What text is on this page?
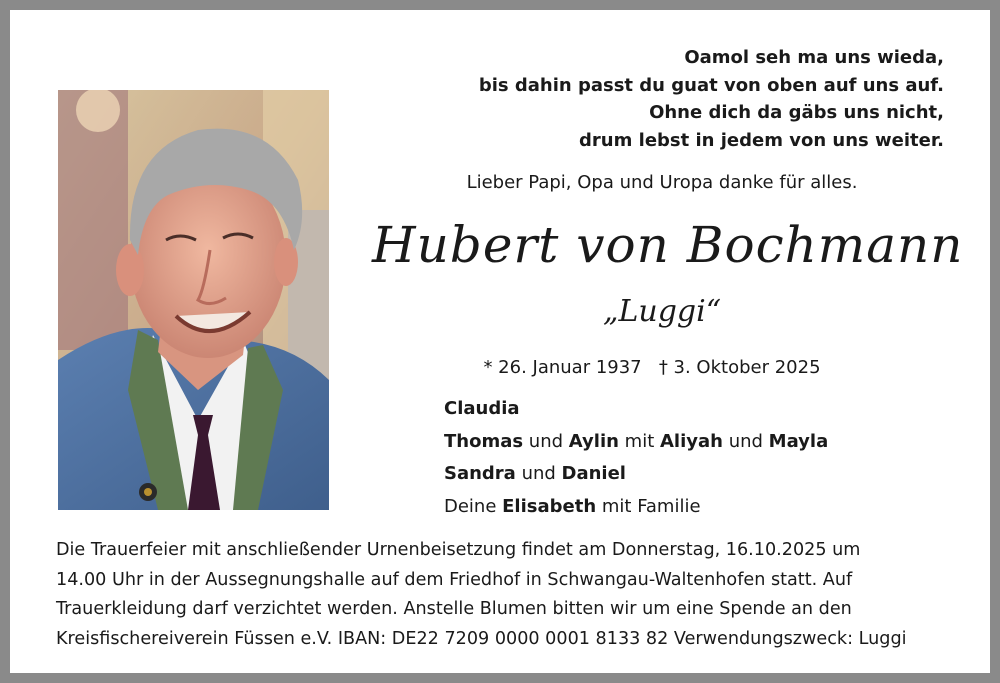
Oamol seh ma uns wieda,
bis dahin passt du guat von oben auf uns auf.
Ohne dich da gäbs uns nicht,
drum lebst in jedem von uns weiter.
Lieber Papi, Opa und Uropa danke für alles.
Hubert von Bochmann
„Luggi“
* 26. Januar 1937 † 3. Oktober 2025
Claudia
Thomas und Aylin mit Aliyah und Mayla
Sandra und Daniel
Deine Elisabeth mit Familie
Die Trauerfeier mit anschließender Urnenbeisetzung findet am Donnerstag, 16.10.2025 um
14.00 Uhr in der Aussegnungshalle auf dem Friedhof in Schwangau-Waltenhofen statt. Auf
Trauerkleidung darf verzichtet werden. Anstelle Blumen bitten wir um eine Spende an den
Kreisfischereiverein Füssen e.V. IBAN: DE22 7209 0000 0001 8133 82 Verwendungszweck: Luggi
